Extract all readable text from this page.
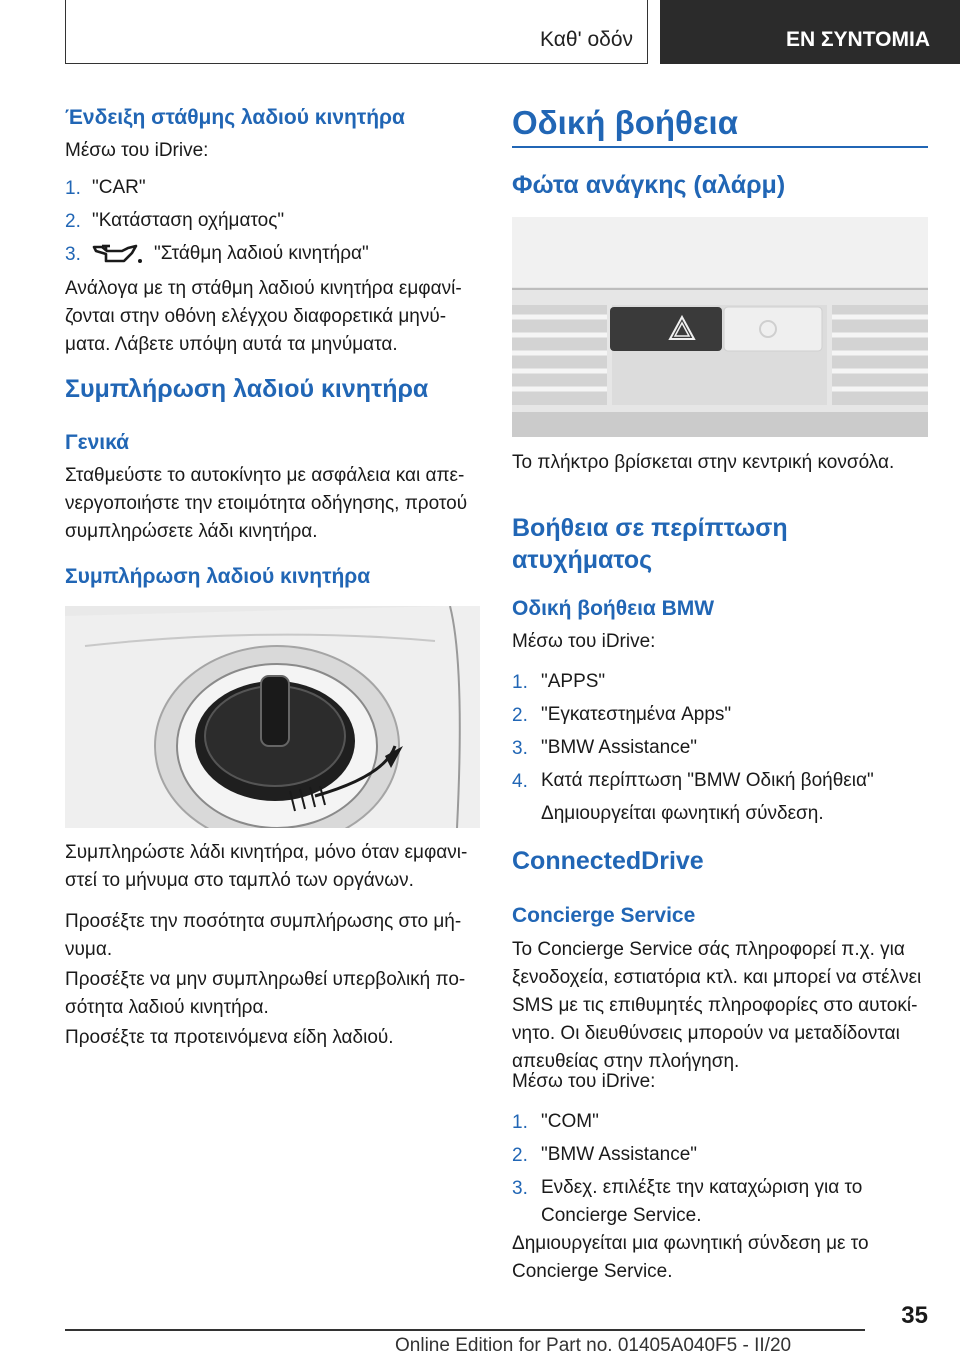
Καθ' οδόν	ΕΝ ΣΥΝΤΟΜΙΑ
Ένδειξη στάθμης λαδιού κινητήρα
Μέσω του iDrive:
1. "CAR"
2. "Κατάσταση οχήματος"
3.	"Στάθμη λαδιού κινητήρα"
Ανάλογα με τη στάθμη λαδιού κινητήρα εμφανί-
ζονται στην οθόνη ελέγχου διαφορετικά μηνύ-
ματα. Λάβετε υπόψη αυτά τα μηνύματα.
Συμπλήρωση λαδιού κινητήρα
Γενικά
Σταθμεύστε το αυτοκίνητο με ασφάλεια και απε-
νεργοποιήστε την ετοιμότητα οδήγησης, προτού
συμπληρώσετε λάδι κινητήρα.
Συμπλήρωση λαδιού κινητήρα
Συμπληρώστε λάδι κινητήρα, μόνο όταν εμφανι-
στεί το μήνυμα στο ταμπλό των οργάνων.
Προσέξτε την ποσότητα συμπλήρωσης στο μή-
νυμα.
Προσέξτε να μην συμπληρωθεί υπερβολική πο-
σότητα λαδιού κινητήρα.
Προσέξτε τα προτεινόμενα είδη λαδιού.
Οδική βοήθεια
Φώτα ανάγκης (αλάρμ)
Το πλήκτρο βρίσκεται στην κεντρική κονσόλα.
Βοήθεια σε περίπτωση
ατυχήματος
Οδική βοήθεια BMW
Μέσω του iDrive:
1. "APPS"
2. "Εγκατεστημένα Apps"
3. "BMW Assistance"
4. Κατά περίπτωση "BMW Οδική βοήθεια"
Δημιουργείται φωνητική σύνδεση.
ConnectedDrive
Concierge Service
Το Concierge Service σάς πληροφορεί π.χ. για
ξενοδοχεία, εστιατόρια κτλ. και μπορεί να στέλνει
SMS με τις επιθυμητές πληροφορίες στο αυτοκί-
νητο. Οι διευθύνσεις μπορούν να μεταδίδονται
απευθείας στην πλοήγηση.
Μέσω του iDrive:
1. "COM"
2. "BMW Assistance"
3. Ενδεχ. επιλέξτε την καταχώριση για το
Concierge Service.
Δημιουργείται μια φωνητική σύνδεση με το
Concierge Service.
35
Online Edition for Part no. 01405A040F5 - II/20
